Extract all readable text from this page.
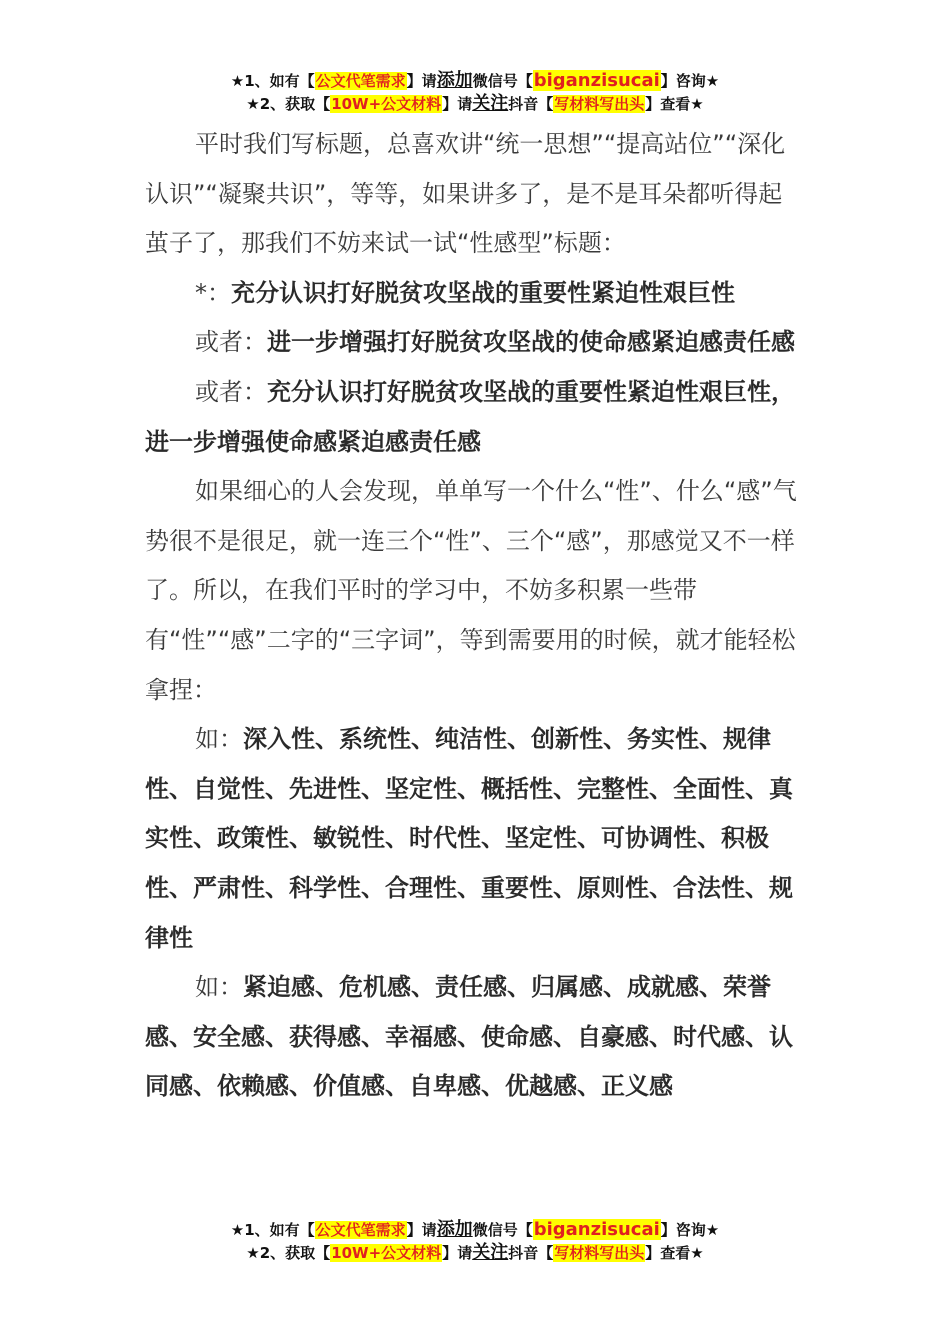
★1、如有【公文代笔需求】请添加微信号【biganzisucai】咨询★
★2、获取【10W+公文材料】请关注抖音【写材料写出头】查看★

平时我们写标题，总喜欢讲“统一思想”“提高站位”“深化认识”“凝聚共识”，等等，如果讲多了，是不是耳朵都听得起茧子了，那我们不妨来试一试“性感型”标题：

*：充分认识打好脱贫攻坚战的重要性紧迫性艰巨性

或者：进一步增强打好脱贫攻坚战的使命感紧迫感责任感

或者：充分认识打好脱贫攻坚战的重要性紧迫性艰巨性，进一步增强使命感紧迫感责任感

如果细心的人会发现，单单写一个什么“性”、什么“感”气势很不是很足，就一连三个“性”、三个“感”，那感觉又不一样了。所以，在我们平时的学习中，不妨多积累一些带有“性”“感”二字的“三字词”，等到需要用的时候，就才能轻松拿捏：

如：深入性、系统性、纯洁性、创新性、务实性、规律性、自觉性、先进性、坚定性、概括性、完整性、全面性、真实性、政策性、敏锐性、时代性、坚定性、可协调性、积极性、严肃性、科学性、合理性、重要性、原则性、合法性、规律性

如：紧迫感、危机感、责任感、归属感、成就感、荣誉感、安全感、获得感、幸福感、使命感、自豪感、时代感、认同感、依赖感、价值感、自卑感、优越感、正义感

★1、如有【公文代笔需求】请添加微信号【biganzisucai】咨询★
★2、获取【10W+公文材料】请关注抖音【写材料写出头】查看★
